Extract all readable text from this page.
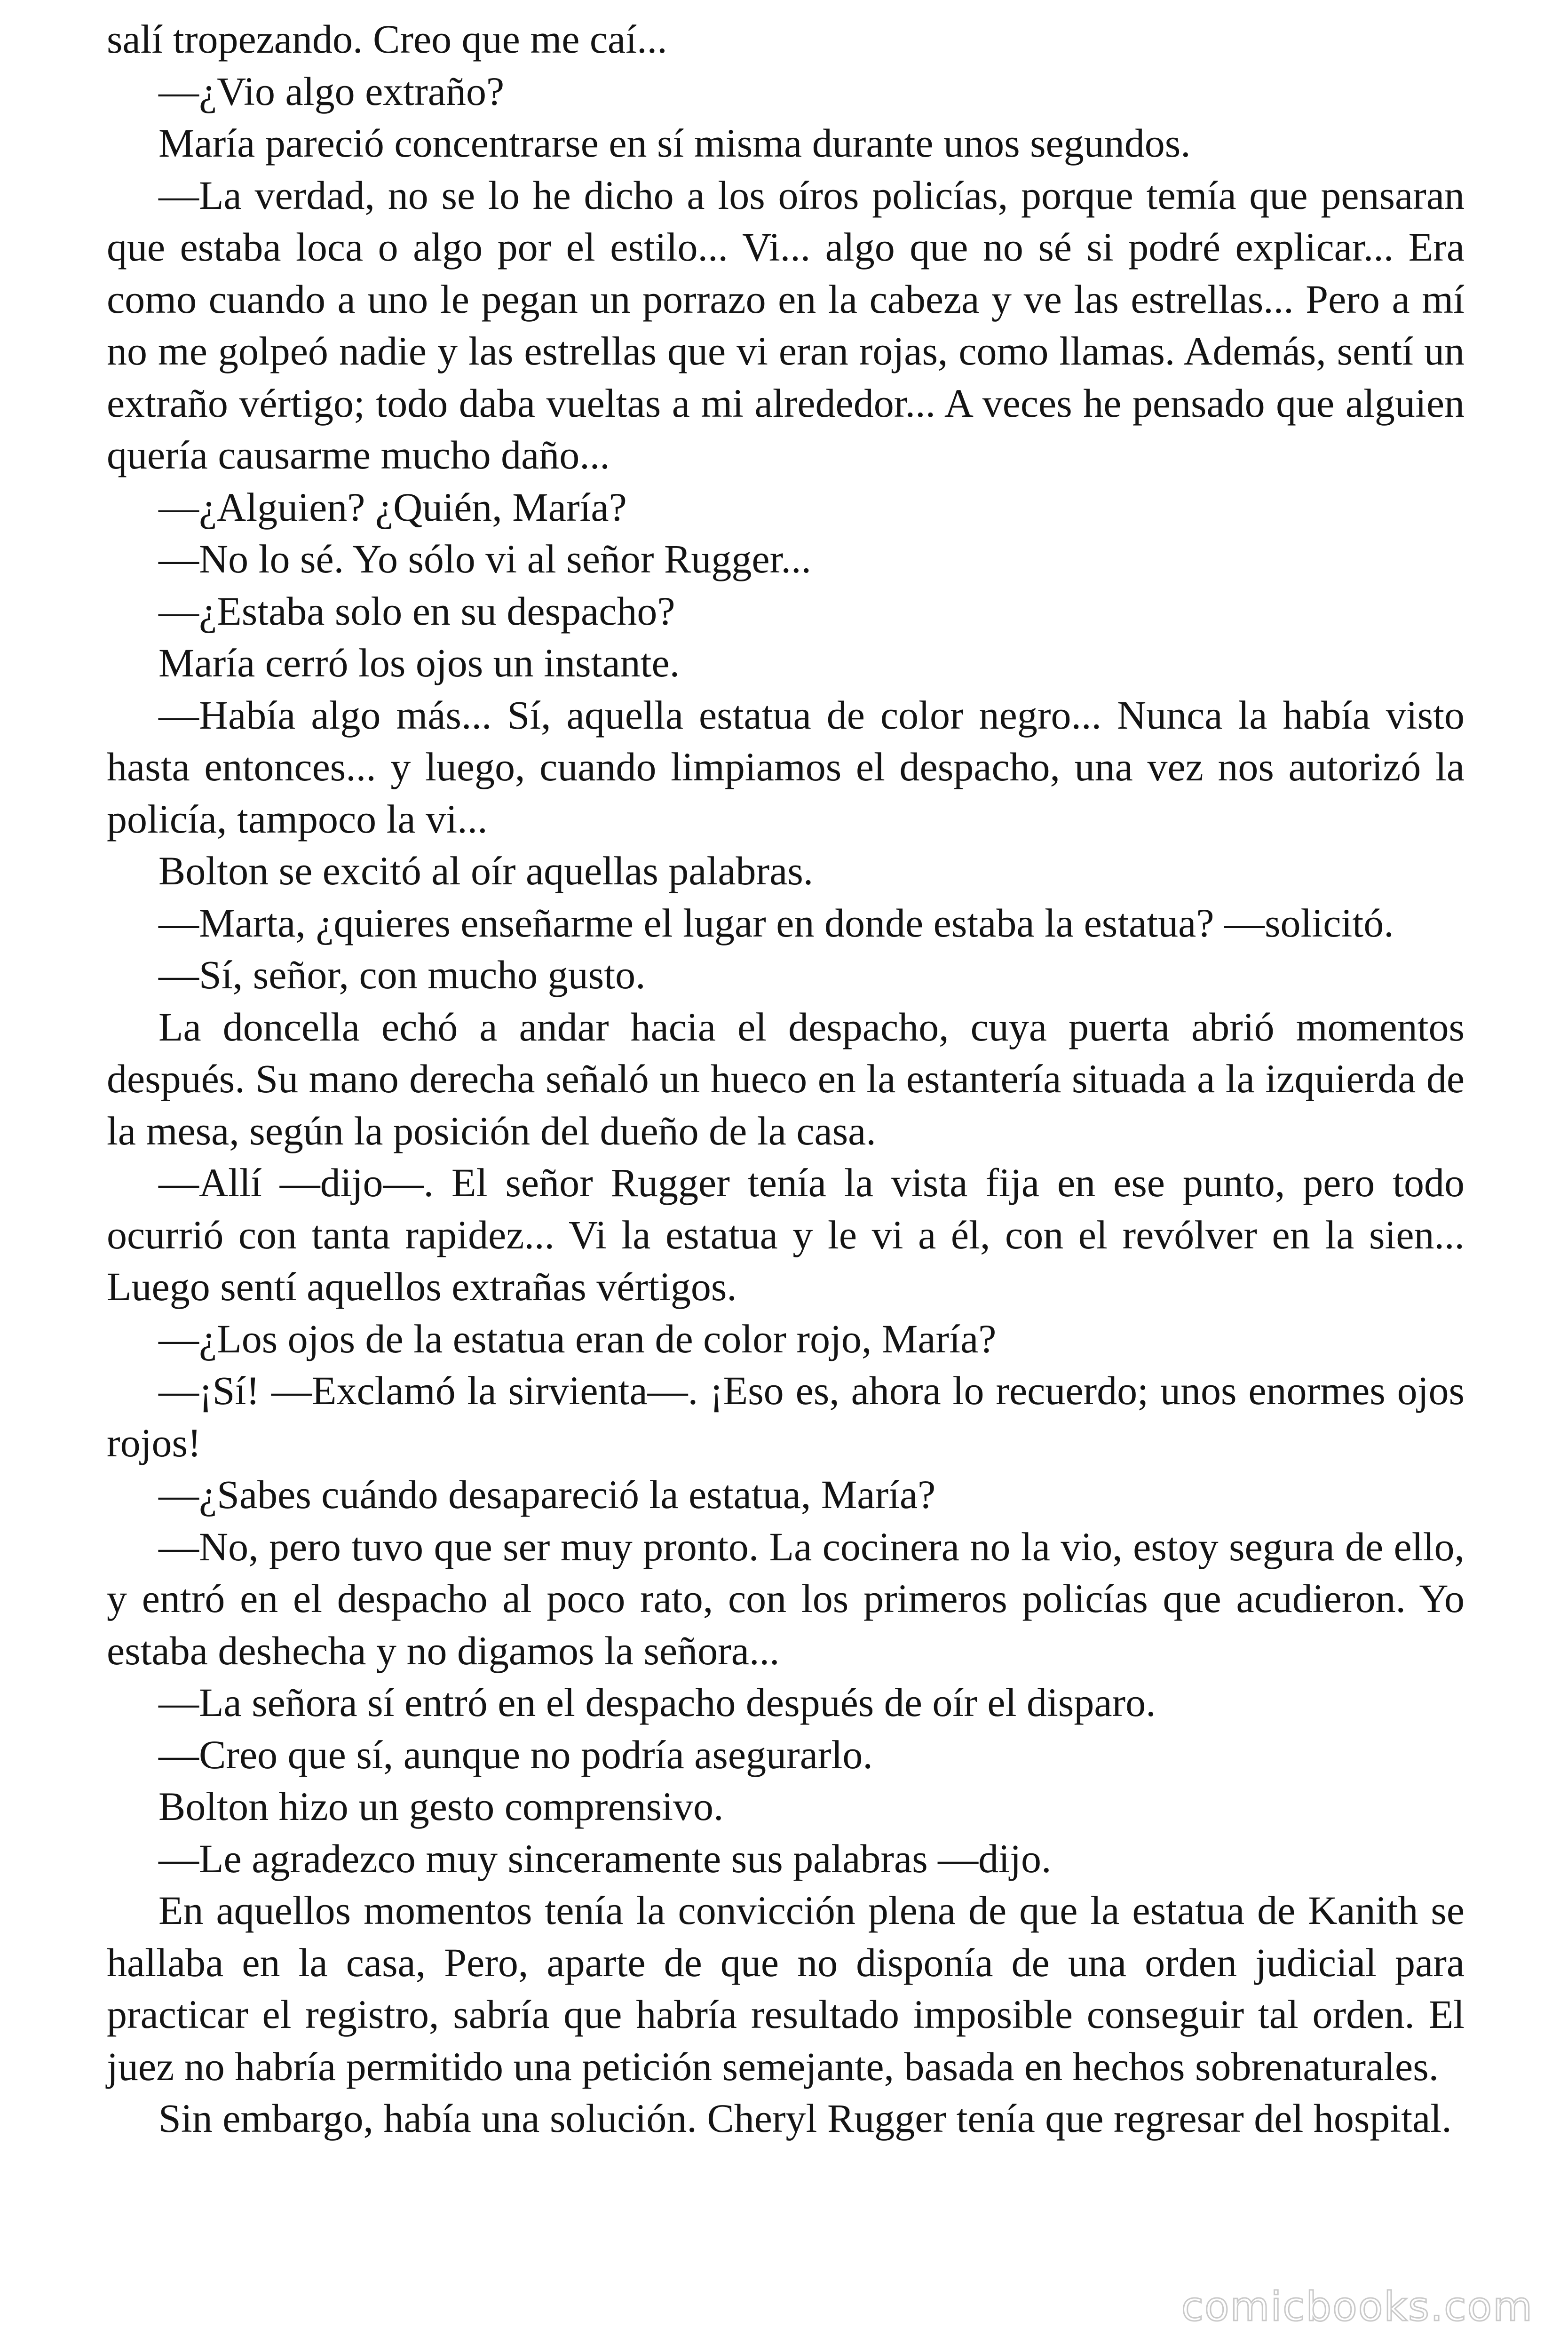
salí tropezando. Creo que me caí...

—¿Vio algo extraño?

María pareció concentrarse en sí misma durante unos segundos.

—La verdad, no se lo he dicho a los oíros policías, porque temía que pensaran que estaba loca o algo por el estilo... Vi... algo que no sé si podré explicar... Era como cuando a uno le pegan un porrazo en la cabeza y ve las estrellas... Pero a mí no me golpeó nadie y las estrellas que vi eran rojas, como llamas. Además, sentí un extraño vértigo; todo daba vueltas a mi alrededor... A veces he pensado que alguien quería causarme mucho daño...

—¿Alguien? ¿Quién, María?

—No lo sé. Yo sólo vi al señor Rugger...

—¿Estaba solo en su despacho?

María cerró los ojos un instante.

—Había algo más... Sí, aquella estatua de color negro... Nunca la había visto hasta entonces... y luego, cuando limpiamos el despacho, una vez nos autorizó la policía, tampoco la vi...

Bolton se excitó al oír aquellas palabras.

—Marta, ¿quieres enseñarme el lugar en donde estaba la estatua? —solicitó.

—Sí, señor, con mucho gusto.

La doncella echó a andar hacia el despacho, cuya puerta abrió momentos después. Su mano derecha señaló un hueco en la estantería situada a la izquierda de la mesa, según la posición del dueño de la casa.

—Allí —dijo—. El señor Rugger tenía la vista fija en ese punto, pero todo ocurrió con tanta rapidez... Vi la estatua y le vi a él, con el revólver en la sien... Luego sentí aquellos extrañas vértigos.

—¿Los ojos de la estatua eran de color rojo, María?

—¡Sí! —Exclamó la sirvienta—. ¡Eso es, ahora lo recuerdo; unos enormes ojos rojos!

—¿Sabes cuándo desapareció la estatua, María?

—No, pero tuvo que ser muy pronto. La cocinera no la vio, estoy segura de ello, y entró en el despacho al poco rato, con los primeros policías que acudieron. Yo estaba deshecha y no digamos la señora...

—La señora sí entró en el despacho después de oír el disparo.

—Creo que sí, aunque no podría asegurarlo.

Bolton hizo un gesto comprensivo.

—Le agradezco muy sinceramente sus palabras —dijo.

En aquellos momentos tenía la convicción plena de que la estatua de Kanith se hallaba en la casa, Pero, aparte de que no disponía de una orden judicial para practicar el registro, sabría que habría resultado imposible conseguir tal orden. El juez no habría permitido una petición semejante, basada en hechos sobrenaturales.

Sin embargo, había una solución. Cheryl Rugger tenía que regresar del hospital.

comicbooks.com
